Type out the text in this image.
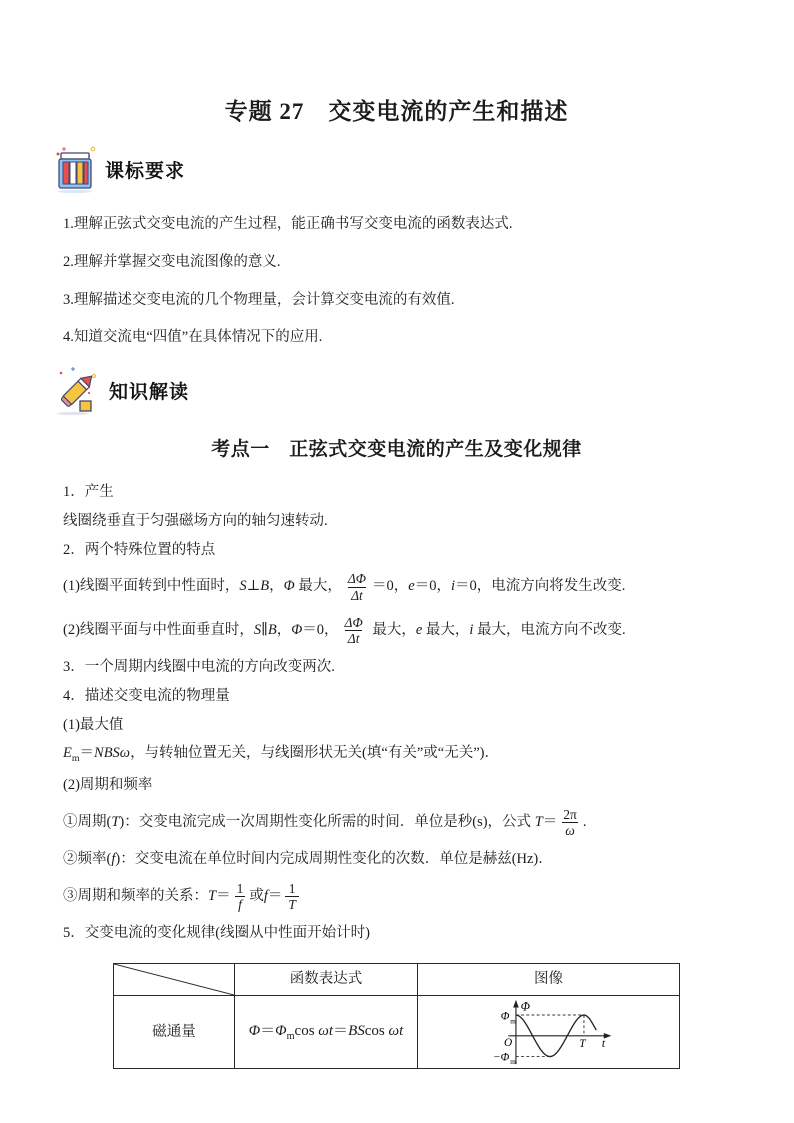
专题 27　交变电流的产生和描述
课标要求

1.理解正弦式交变电流的产生过程，能正确书写交变电流的函数表达式.

2.理解并掌握交变电流图像的意义.

3.理解描述交变电流的几个物理量，会计算交变电流的有效值.

4.知道交流电“四值”在具体情况下的应用.

知识解读
考点一　正弦式交变电流的产生及变化规律

1．产生

线圈绕垂直于匀强磁场方向的轴匀速转动.

2．两个特殊位置的特点

(1)线圈平面转到中性面时，S⊥B，Φ 最大， $\frac{\Delta\Phi}{\Delta t} =0$，e＝0，i＝0，电流方向将发生改变.

(2)线圈平面与中性面垂直时，S∥B，Φ＝0， $\frac{\Delta\Phi}{\Delta t}$ 最大，e 最大，i 最大，电流方向不改变.

3．一个周期内线圈中电流的方向改变两次.

4．描述交变电流的物理量

(1)最大值

$E_m=NBS\omega$，与转轴位置无关，与线圈形状无关(填“有关”或“无关”)．

(2)周期和频率

①周期(T)：交变电流完成一次周期性变化所需的时间．单位是秒(s)，公式 $T= \frac{2\pi}{\omega}$ .

②频率(f)：交变电流在单位时间内完成周期性变化的次数．单位是赫兹(Hz)．

③周期和频率的关系：$T= \frac{1}{f}$ 或$f= \frac{1}{T}$

5．交变电流的变化规律(线圈从中性面开始计时)

	函数表达式	图像
磁通量	$\Phi=\Phi_m\cos$ ωt＝BScos ωt	
Φ
Φ m
−Φ m
O	T t
